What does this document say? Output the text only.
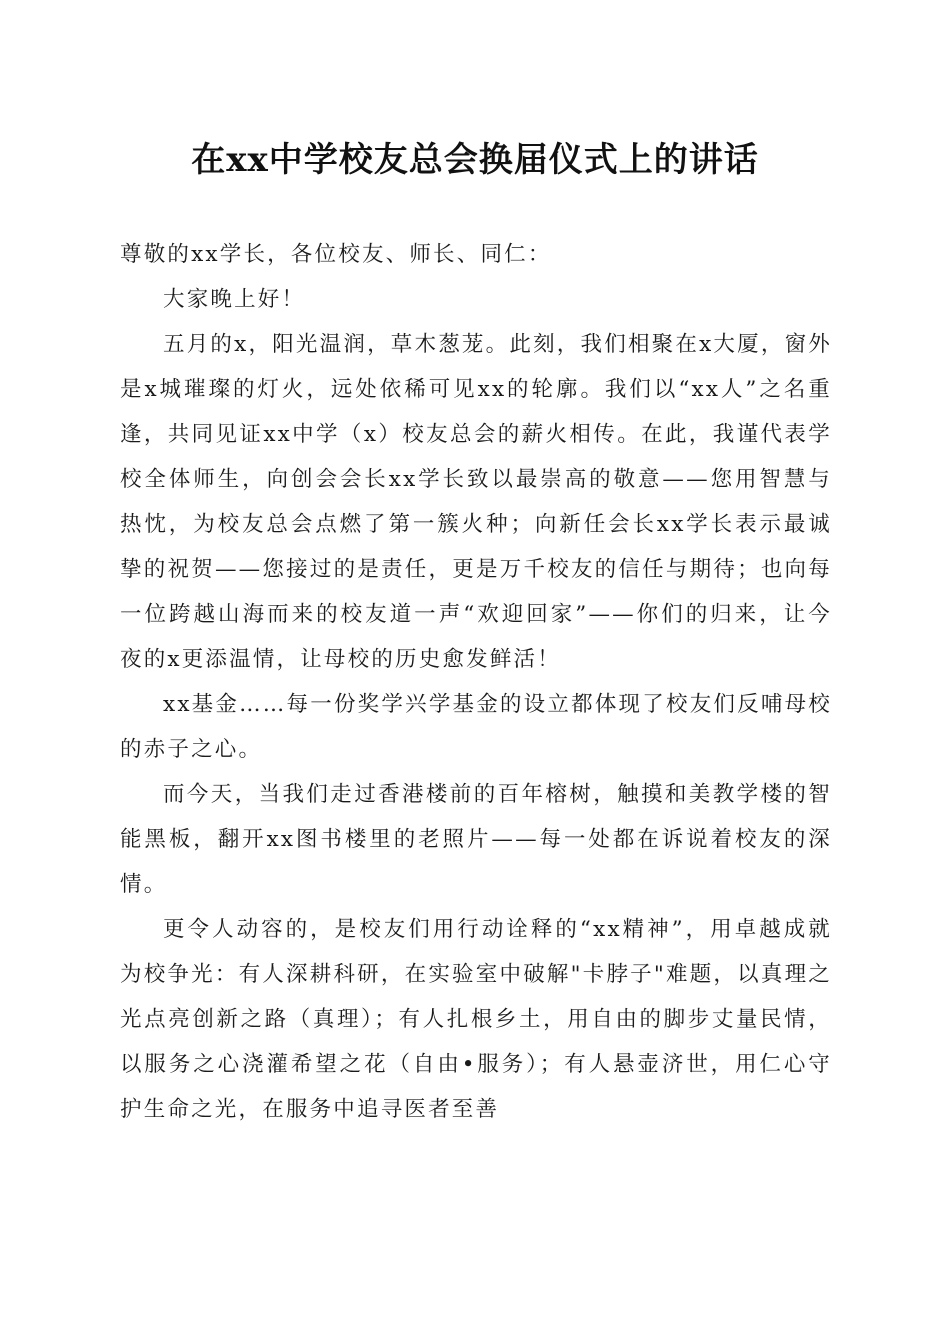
在xx中学校友总会换届仪式上的讲话

尊敬的xx学长，各位校友、师长、同仁：

大家晚上好！

五月的x，阳光温润，草木葱茏。此刻，我们相聚在x大厦，窗外是x城璀璨的灯火，远处依稀可见xx的轮廓。我们以“xx人”之名重逢，共同见证xx中学（x）校友总会的薪火相传。在此，我谨代表学校全体师生，向创会会长xx学长致以最崇高的敬意——您用智慧与热忱，为校友总会点燃了第一簇火种；向新任会长xx学长表示最诚挚的祝贺——您接过的是责任，更是万千校友的信任与期待；也向每一位跨越山海而来的校友道一声“欢迎回家”——你们的归来，让今夜的x更添温情，让母校的历史愈发鲜活！

xx基金……每一份奖学兴学基金的设立都体现了校友们反哺母校的赤子之心。

而今天，当我们走过香港楼前的百年榕树，触摸和美教学楼的智能黑板，翻开xx图书楼里的老照片——每一处都在诉说着校友的深情。

更令人动容的，是校友们用行动诠释的“xx精神”，用卓越成就为校争光：有人深耕科研，在实验室中破解"卡脖子"难题，以真理之光点亮创新之路（真理）；有人扎根乡土，用自由的脚步丈量民情，以服务之心浇灌希望之花（自由•服务）；有人悬壶济世，用仁心守护生命之光，在服务中追寻医者至善
